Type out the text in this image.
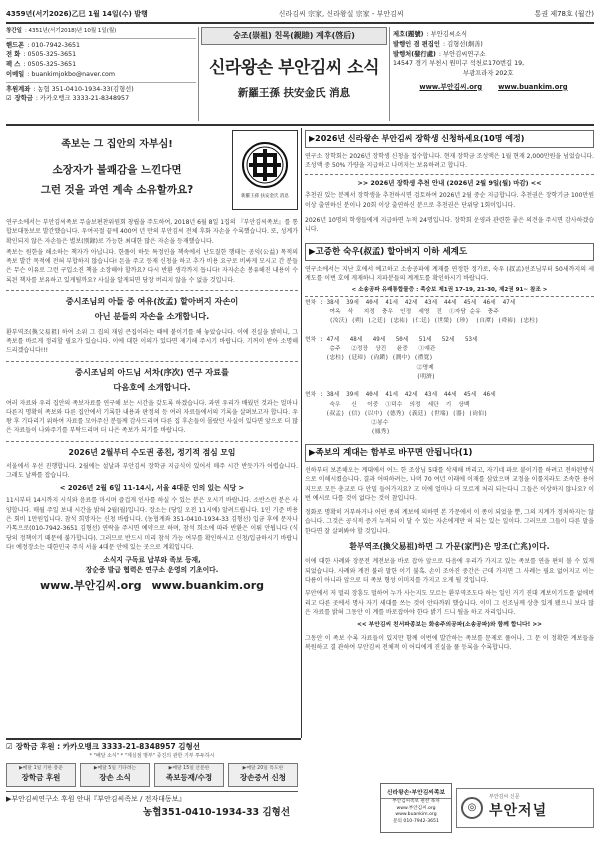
4359년(서기2026)乙巳 1월 14일(수) 발행	신라김씨 宗家, 신라왕실 宗家 - 부안김씨	통권 제78호 (월간)
창간일 : 4351년(서기2018)년 10월 1일(월)
핸드폰 : 010-7942-3651
전 화 : 0505-325-3651
팩 스 : 0505-325-3651
이메일 : buankimjokbo@naver.com
후원계좌 : 농협 351-0410-1934-33(김형선)
☑ 장학금 : 카카오뱅크 3333-21-8348957
숭조(崇祖) 친목(親睦) 계후(啓后)
신라왕손 부안김씨 소식
新羅王孫 扶安金氏 消息
제호(題號) : 부안김씨소식
발행인 겸 편집인 : 김형선(炯善)
발행처(發行處) : 부안김씨연구소
14547 경기 부천시 원미구 석천로170번길 19,
부광프라자 202호
www.부안김씨.org www.buankim.org
족보는 그 집안의 자부심!
소장자가 불쾌감을 느낀다면
그런 것을 과연 계속 소유할까요?
新羅王孫 扶安金氏 消息
연구소에서는 부안김씨족보 무술보편찬위원회 창립을 주도하여, 2018년 6월 8일 1집의 『부안김씨족보』를 통합보대동보로 발간했습니다. 우여곡절 끝에 400여 년 만의 부안김씨 전체 후화 자손을 수록했습니다. 또, 성계가 확인되지 않은 자손들은 별보(別錄)로 가능한 최대한 많은 자손을 등재했습니다.
족보는 원한을 해소하는 책자가 아닙니다. 한풀이 하듯 특정인을 책속에서 난도질한 행태는 공익(公益) 목적의 족보 발간 목적에 전혀 부합하지 않습니다! 돈을 주고 등재 신청을 하고 추가 비용 요구로 비싸게 모시고 간 분들은 무슨 이유로 그런 구입소진 책을 소장해야 할까요? 다시 반환 생각까지 듭니다! 자자손손 봉유해진 내용이 수록된 책자를 보유하고 있게될까요? 사실을 알게되면 당장 버리지 않을 수 없을 것입니다.
중시조님의 아들 중 여유(汝孟) 할아버지 자손이
아닌 분들의 자손을 소개합니다.
환부역조(換父易祖) 하여 소위 그 집의 재임 큰집이라는 때에 붙이기를 해 놓았습니다. 이에 진실을 밝히니, 그 족보를 바르게 정리할 필요가 있습니다. 이에 대한 이의가 있다면 제기해 주시기 바랍니다. 기꺼이 받아 소명해 드리겠습니다!!!
중시조님의 아드님 서차(序次) 연구 자료를
다음호에 소개합니다.
여러 자료와 우리 집안의 족보자료를 연구해 보는 시간을 갖도록 하겠습니다. 과연 우리가 배웠던 것과는 얼마나 다른지 명확히 족보와 다른 집안에서 기록한 내용과 판정의 등 여러 자료들에서의 기록을 살펴보고자 합니다. 우왕 후 기다리기 위하여 자료를 모아주신 분들께 감사드리며 다른 집 후손들이 몰랐던 사실이 있다면 앞으로 더 많은 자료들이 나와주기를 부탁드리며 더 나은 족보가 되기를 바랍니다.
2026년 2월부터 수도권 종친, 정기적 점심 모임
서울에서 우선 진행합니다. 2월에는 설날과 부안김씨 장학금 지급식이 있어서 매주 시간 반듯가가 어렵습니다. 그래도 날짜를 잡습니다.
< 2026년 2월 6일 11-14시, 서울 4대문 인의 있는 식당 >
11시부터 14시까지 시식와 음료를 마시며 즐겁게 인사를 하실 수 있는 분은 오시기 바랍니다. 소반스런 분은 사양합니다. 매월 주일 보내 시간을 밝혀 2월(월)입니다. 장소는 (당일 오전 11시에) 알려드립니다. 1인 기준 비용은 회비 1만원입니다. 참석 희망자는 신청 바랍니다. (농협계좌 351-0410-1934-33 김형선) 입금 후에 문자나 카톡으로(010-7942-3651 김형선) 연락을 주시면 예약으로 하며, 참석 희소에 따라 반환은 이뤄 안됩니다 (식당의 정책이기 때문에 불가합니다). 그러므로 반드시 미리 참석 가능 여부를 확인하시고 신청/입금하시기 바랍니다! 예정장소는 대한민국 주식 서울 4대문 안에 있는 곳으로 계획입니다.
소식지 구독료 납부와 족보 등재,
장순증 발급 협력은 연구소 운영의 기초이다.
www.부안김씨.org www.buankim.org
▶2026년 신라왕손 부안김씨 장학생 신청하세요(10명 예정)
연구소 장학회는 2026년 장학생 신청을 접수합니다. 현재 장학금 조성액은 1월 현재 2,000만원을 넘었습니다. 조성액 중 50% 가량을 지급하고 나머지는 보유하려고 합니다.
>> 2026년 장학생 추천 안내 (2026년 2월 9일(월) 마감) <<
추천권 있는 분께서 장학생을 추천하시면 검토하여 2026년 2월 중순 지급합니다. 추천권은 장학기금 100만원 이상 출연하신 분이나 20회 이상 출연하신 분으로 추천권은 단위당 1회이입니다.
2026년 10명의 학생들에게 지급하면 누적 24명입니다. 장학회 운영과 관련한 좋은 의견을 주시면 감사하겠습니다.
▶고증한 숙우(叔孟) 할아버지 이하 세계도
연구소에서는 지난 호에서 예고하고 소송공파에 계재를 연정한 정가로, 숙우 (叔孟)선조님부터 50세까지의 세계도를 이번 호에 게재하니 지파분들의 계계도를 확인하시기 바랍니다.
< 소송공파 유래통합물증 : 족숭보 제1권 17-19, 21-30, 제2권 91~ 참조 >
현차 : 38세  39세  40세  41세  42세  43세  44세  45세  46세  47세
여옥  삭   지정  충우  인정  세영  진  ①자담 순유  충주
(汝沃) (朔) (之廷) (忠祐) (仁廷) (世榮) (珍)  (自潭) (舜裕) (忠柱)

현차 : 47세   48세   49세   50세   51세   52세   53세
층주   ②정장  상진   윤중   ①예관
(忠柱) (廷璋) (尙鎭) (潤中) (禮寬)
②명제
(明濟)

현차 : 38세  39세  40세  41세  42세  43세  44세  45세  46세
숙우   신   이중  ①덕수  의정  세단  기  상백
(叔孟) (信) (以中) (德秀) (義廷) (世端) (器) (尙伯)
②봉수
(鳳秀)
▶족보의 계대는 함부로 바꾸면 안됩니다(1)
선하부터 보존해오는 계대에서 어느 한 조상님 5대를 삭제해 버리고, 자기네 파로 붙이기를 하려고 전하된방식으로 이해시켰습니다. 결과 어떠하려는, 나머 70 여년 이래에 이재를 삼았으며 교정을 이룰지라도 조속한 용어지므로 모든 총교로 다 안밀 들어가지요? 고 이에 얼마나 더 모르게 처리 되는다니 그들은 이상하지 않나요? 이번 예시로 다를 것이 없다는 것이 참입니다.
정화로 명확히 거부하거나 어떤 종의 계보에 의하면 본 가문에서 이 종이 되었을 뿐, 그의 지계가 정처하지는 않습니다. 그것은 공식적 증거 누적되 이 달 수 있는 자손에게만 허 되는 있는 일이다. 그러므로 그들이 다른 말을 한다면 잘 살펴봐야 할 것입니다.
환부역조(換父易祖)하면 그 가문(家門)은 망조(亡兆)이다.
이에 대한 사례와 장문전 계전보을 바로 잡아 앞으로 다음에 우리가 가지고 있는 족보를 연을 편히 볼 수 있게 되었습니다. 사례와 계전 불러 말한 이기 불혹. 손이 조아진 중간은 근데 가지면 그 사례는 필요 없어지고 이는 다름이 아니라 앞으로 더 족보 형성 이미지를 가지고 오게 될 것입니다.
부안에서 저 멀리 장흥도 멀하여 누가 사는지도 모르는 환부역조도다 하는 일인 거기 진대 계보이기도를 없애버리고 다른 곳에서 명사 자기 세대를 쓰는 것이 안타까워 했습니다. 이미 그 선조님께 상층 있게 됐으니 보다 많은 자료를 밝혀 그동안 이 계를 바로잡아야 한다 밝기 드니 될을 하고 자리입니다.
<< 부안김씨 친서파종보는 화송주의공파(소송공파)와 함께 합니다! >>
그동안 이 족보 수록 자료들이 있지만 함께 이번에 발간하는 족보를 문제로 풀어나, 그 문 이 정확한 계보들을 복원하고 결 관하여 부안김씨 전체적 이 어디에게 진실을 풀 등록을 수록합니다.
☑ 장학금 후원 : 카카오뱅크 3333-21-8348957 김형선
* "배달 소식" * "계실점 명부" 증진의 관한 기부 투두하시
▶매달 1일 기한 총준
장학금 후원
▶매달 5일 기다려는
장손 소식
▶매달 15일 산문한
족보등재/수정
▶매달 20일 특도한
장손증서 신청
▶부안김씨연구소 후원 안내『부안김씨족보 / 전자대동보』
농협351-0410-1934-33 김형선
신라왕손·부안김씨족보
부안김씨족보 편찬 목차
www.부안김씨.org
www.buankim.org
문의 010-7942-3651
◎
부안김씨 신문
부안저널
